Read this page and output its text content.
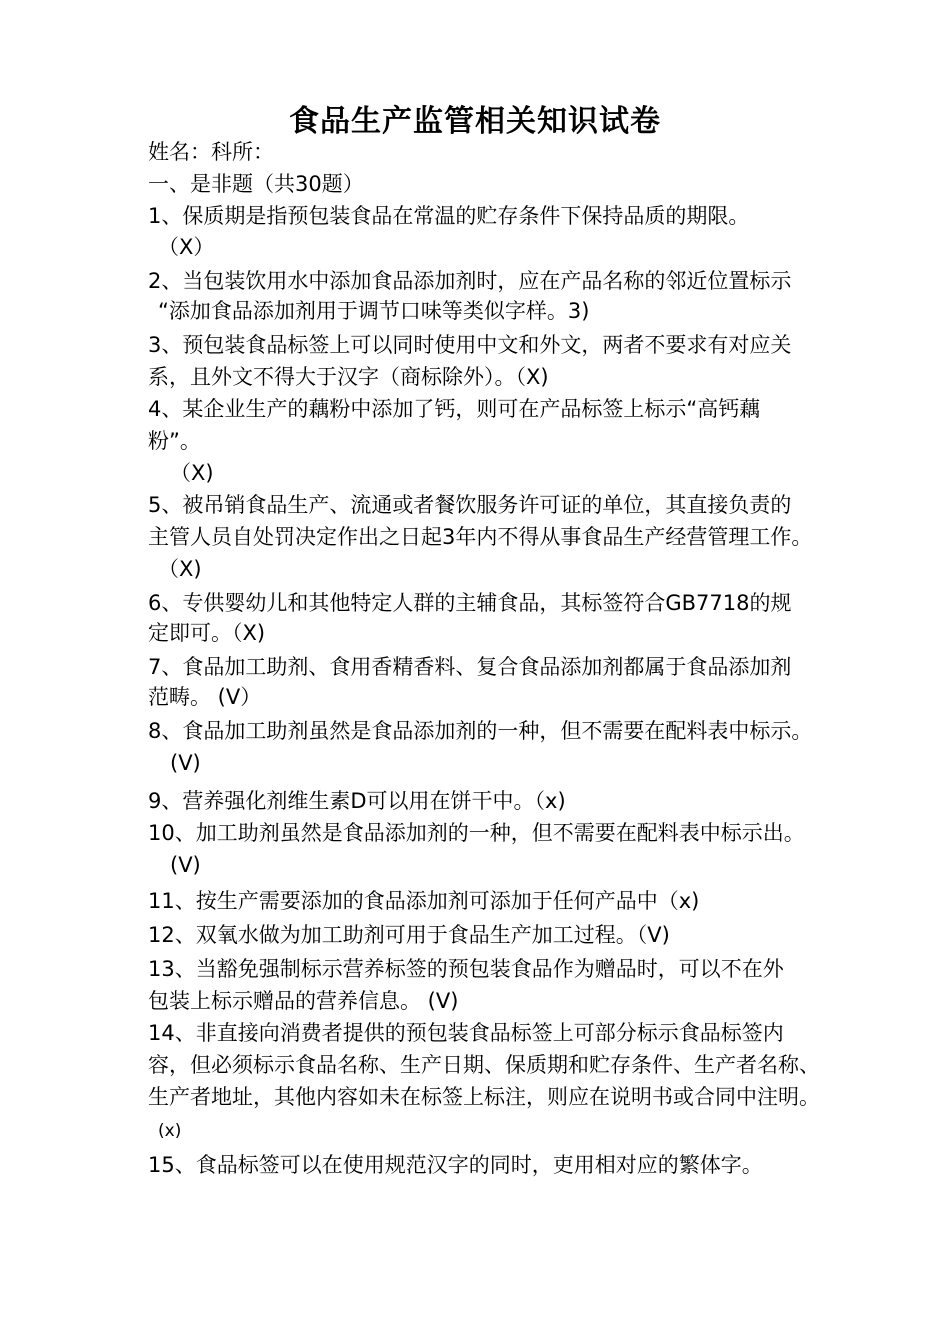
食品生产监管相关知识试卷
姓名：科所：
一、是非题（共30题）
1、保质期是指预包装食品在常温的贮存条件下保持品质的期限。
（X）
2、当包装饮用水中添加食品添加剂时，应在产品名称的邻近位置标示
“添加食品添加剂用于调节口味等类似字样。3)
3、预包装食品标签上可以同时使用中文和外文，两者不要求有对应关
系，且外文不得大于汉字（商标除外）。（X)
4、某企业生产的藕粉中添加了钙，则可在产品标签上标示“高钙藕
粉”。
（X)
5、被吊销食品生产、流通或者餐饮服务许可证的单位，其直接负责的
主管人员自处罚决定作出之日起3年内不得从事食品生产经营管理工作。
（X)
6、专供婴幼儿和其他特定人群的主辅食品，其标签符合GB7718的规
定即可。（X)
7、食品加工助剂、食用香精香料、复合食品添加剂都属于食品添加剂
范畴。 (V）
8、食品加工助剂虽然是食品添加剂的一种，但不需要在配料表中标示。
(V)
9、营养强化剂维生素D可以用在饼干中。（x)
10、加工助剂虽然是食品添加剂的一种，但不需要在配料表中标示出。
(V)
11、按生产需要添加的食品添加剂可添加于任何产品中（x)
12、双氧水做为加工助剂可用于食品生产加工过程。（V)
13、当豁免强制标示营养标签的预包装食品作为赠品时，可以不在外
包装上标示赠品的营养信息。 (V)
14、非直接向消费者提供的预包装食品标签上可部分标示食品标签内
容，但必须标示食品名称、生产日期、保质期和贮存条件、生产者名称、
生产者地址，其他内容如未在标签上标注，则应在说明书或合同中注明。
(x)
15、食品标签可以在使用规范汉字的同时，吏用相对应的繁体字。
